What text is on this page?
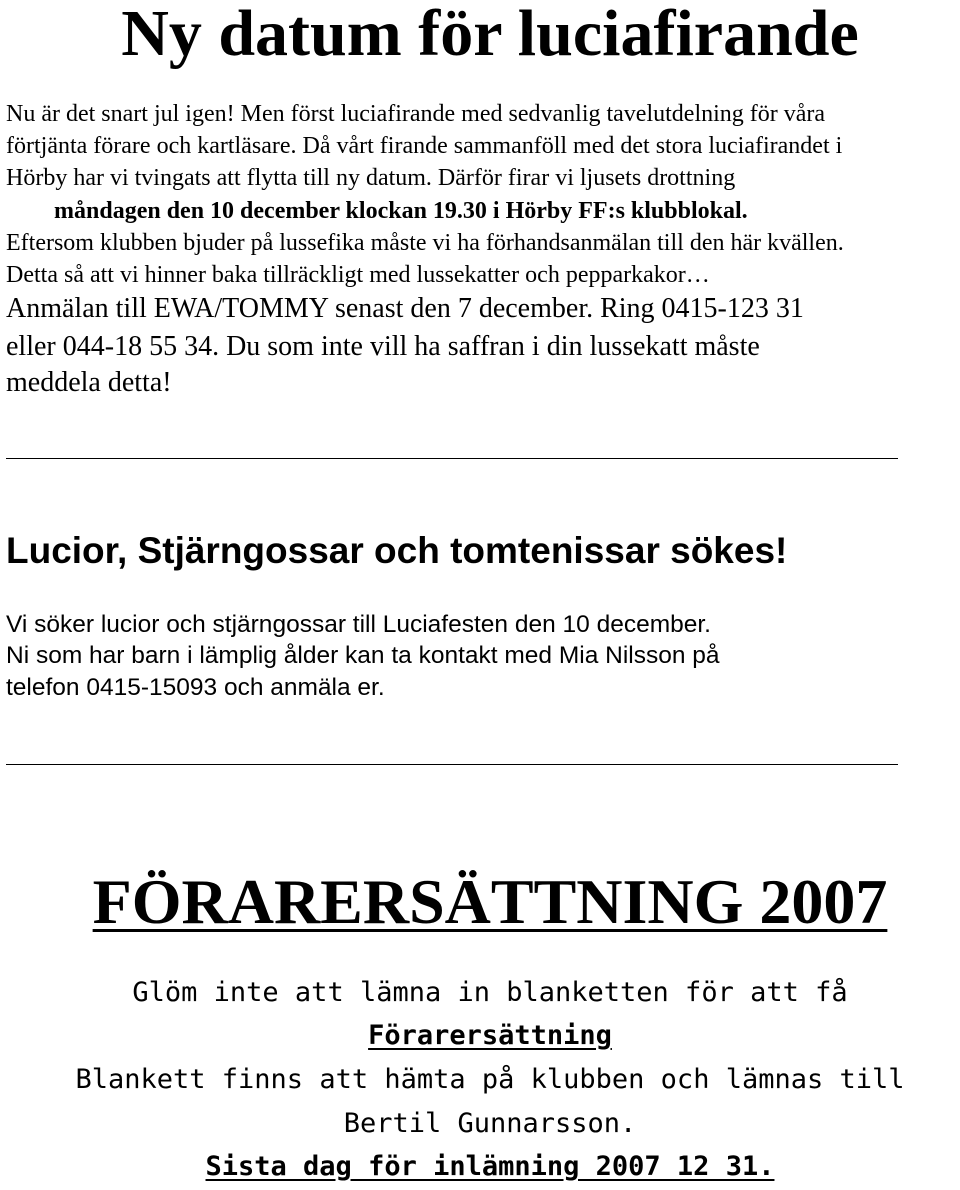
Ny datum för luciafirande
Nu är det snart jul igen! Men först luciafirande med sedvanlig tavelutdelning för våra
förtjänta förare och kartläsare. Då vårt firande sammanföll med det stora luciafirandet i
Hörby har vi tvingats att flytta till ny datum. Därför firar vi ljusets drottning
måndagen den 10 december klockan 19.30 i Hörby FF:s klubblokal.
Eftersom klubben bjuder på lussefika måste vi ha förhandsanmälan till den här kvällen.
Detta så att vi hinner baka tillräckligt med lussekatter och pepparkakor…
Anmälan till EWA/TOMMY senast den 7 december. Ring 0415-123 31
eller 044-18 55 34. Du som inte vill ha saffran i din lussekatt måste
meddela detta!
Lucior, Stjärngossar och tomtenissar sökes!
Vi söker lucior och stjärngossar till Luciafesten den 10 december.
Ni som har barn i lämplig ålder kan ta kontakt med Mia Nilsson på
telefon 0415-15093 och anmäla er.
FÖRARERSÄTTNING 2007
Glöm inte att lämna in blanketten för att få
Förarersättning
Blankett finns att hämta på klubben och lämnas till
Bertil Gunnarsson.
Sista dag för inlämning 2007 12 31.
